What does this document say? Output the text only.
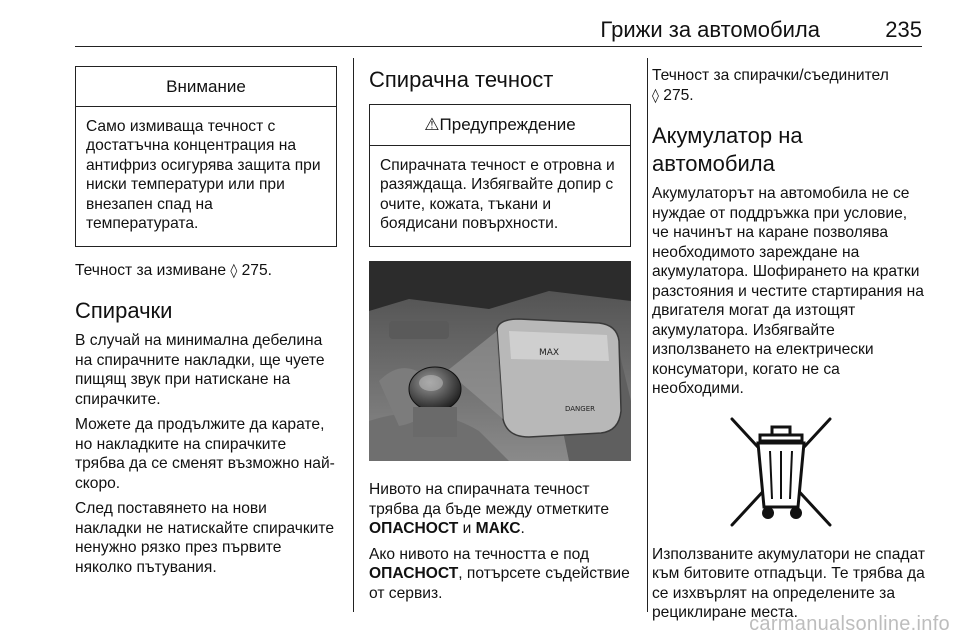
Грижи за автомобила	235
Внимание
Само измиваща течност с достатъчна концентрация на антифриз осигурява защита при ниски температури или при внезапен спад на температурата.

Течност за измиване ◊ 275.

Спирачки

В случай на минимална дебелина на спирачните накладки, ще чуете пищящ звук при натискане на спирачките.

Можете да продължите да карате, но накладките на спирачките трябва да се сменят възможно най-скоро.

След поставянето на нови накладки не натискайте спирачките ненужно рязко през първите няколко пътувания.

Спирачна течност
⚠Предупреждение
Спирачната течност е отровна и разяждаща. Избягвайте допир с очите, кожата, тъкани и боядисани повърхности.
MAX
DANGER

Нивото на спирачната течност трябва да бъде между отметките ОПАСНОСТ и МАКС.

Ако нивото на течността е под ОПАСНОСТ, потърсете съдействие от сервиз.

Течност за спирачки/съединител
◊ 275.

Акумулатор на автомобила

Акумулаторът на автомобила не се нуждае от поддръжка при условие, че начинът на каране позволява необходимото зареждане на акумулатора. Шофирането на кратки разстояния и честите стартирания на двигателя могат да изтощят акумулатора. Избягвайте използването на електрически консуматори, когато не са необходими.

Използваните акумулатори не спадат към битовите отпадъци. Те трябва да се изхвърлят на определените за рециклиране места.

carmanualsonline.info
